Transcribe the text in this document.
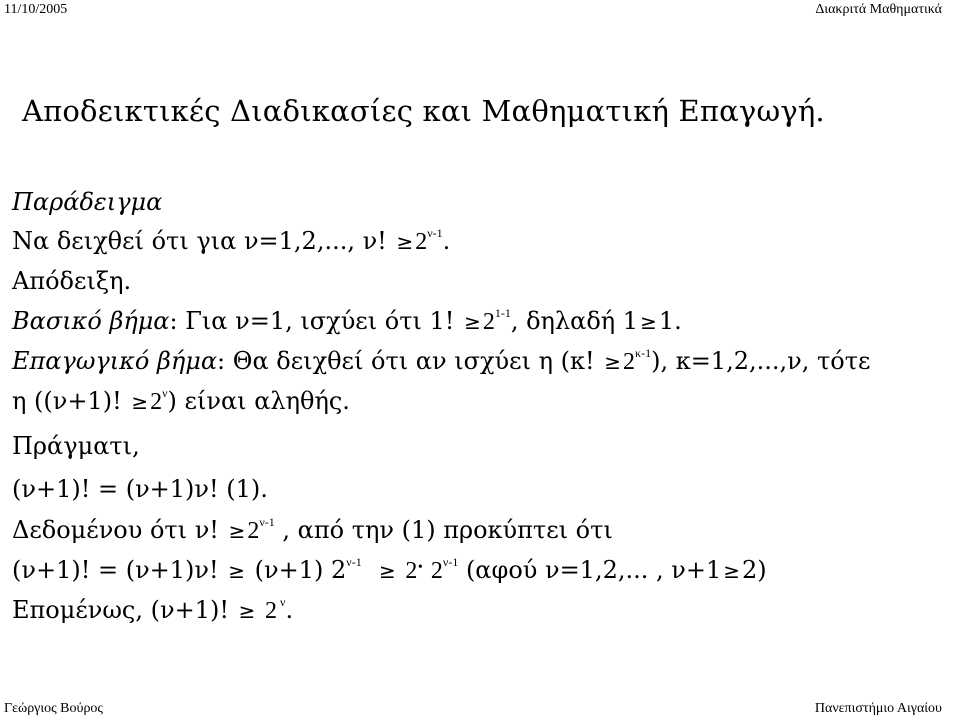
11/10/2005	Διακριτά Μαθηματικά
Αποδεικτικές Διαδικασίες και Μαθηματική Επαγωγή.
Παράδειγμα
Να δειχθεί ότι για ν=1,2,..., ν! $\ge 2^{\nu-1}$.
Απόδειξη.
Βασικό βήμα: Για ν=1, ισχύει ότι 1! $\ge 2^{1-1}$, δηλαδή 1 ≥1.
Επαγωγικό βήμα: Θα δειχθεί ότι αν ισχύει η (κ! $\ge 2^{\kappa-1}$), κ=1,2,...,ν, τότε
η ((ν+1)! $\ge 2^\nu$) είναι αληθής.
Πράγματι,
(ν+1)! = (ν+1)ν! (1).
Δεδομένου ότι ν! $\ge 2^{\nu-1}$ , από την (1) προκύπτει ότι
(ν+1)! = (ν+1)ν! ≥ (ν+1) $2^{\nu-1} \ge 2^\cdot$ $2^{\nu-1}$ (αφού ν=1,2,... , ν+1 ≥2)
Επομένως, (ν+1)! ≥ 2 $^\nu$.
Γεώργιος Βούρος	Πανεπιστήμιο Αιγαίου
